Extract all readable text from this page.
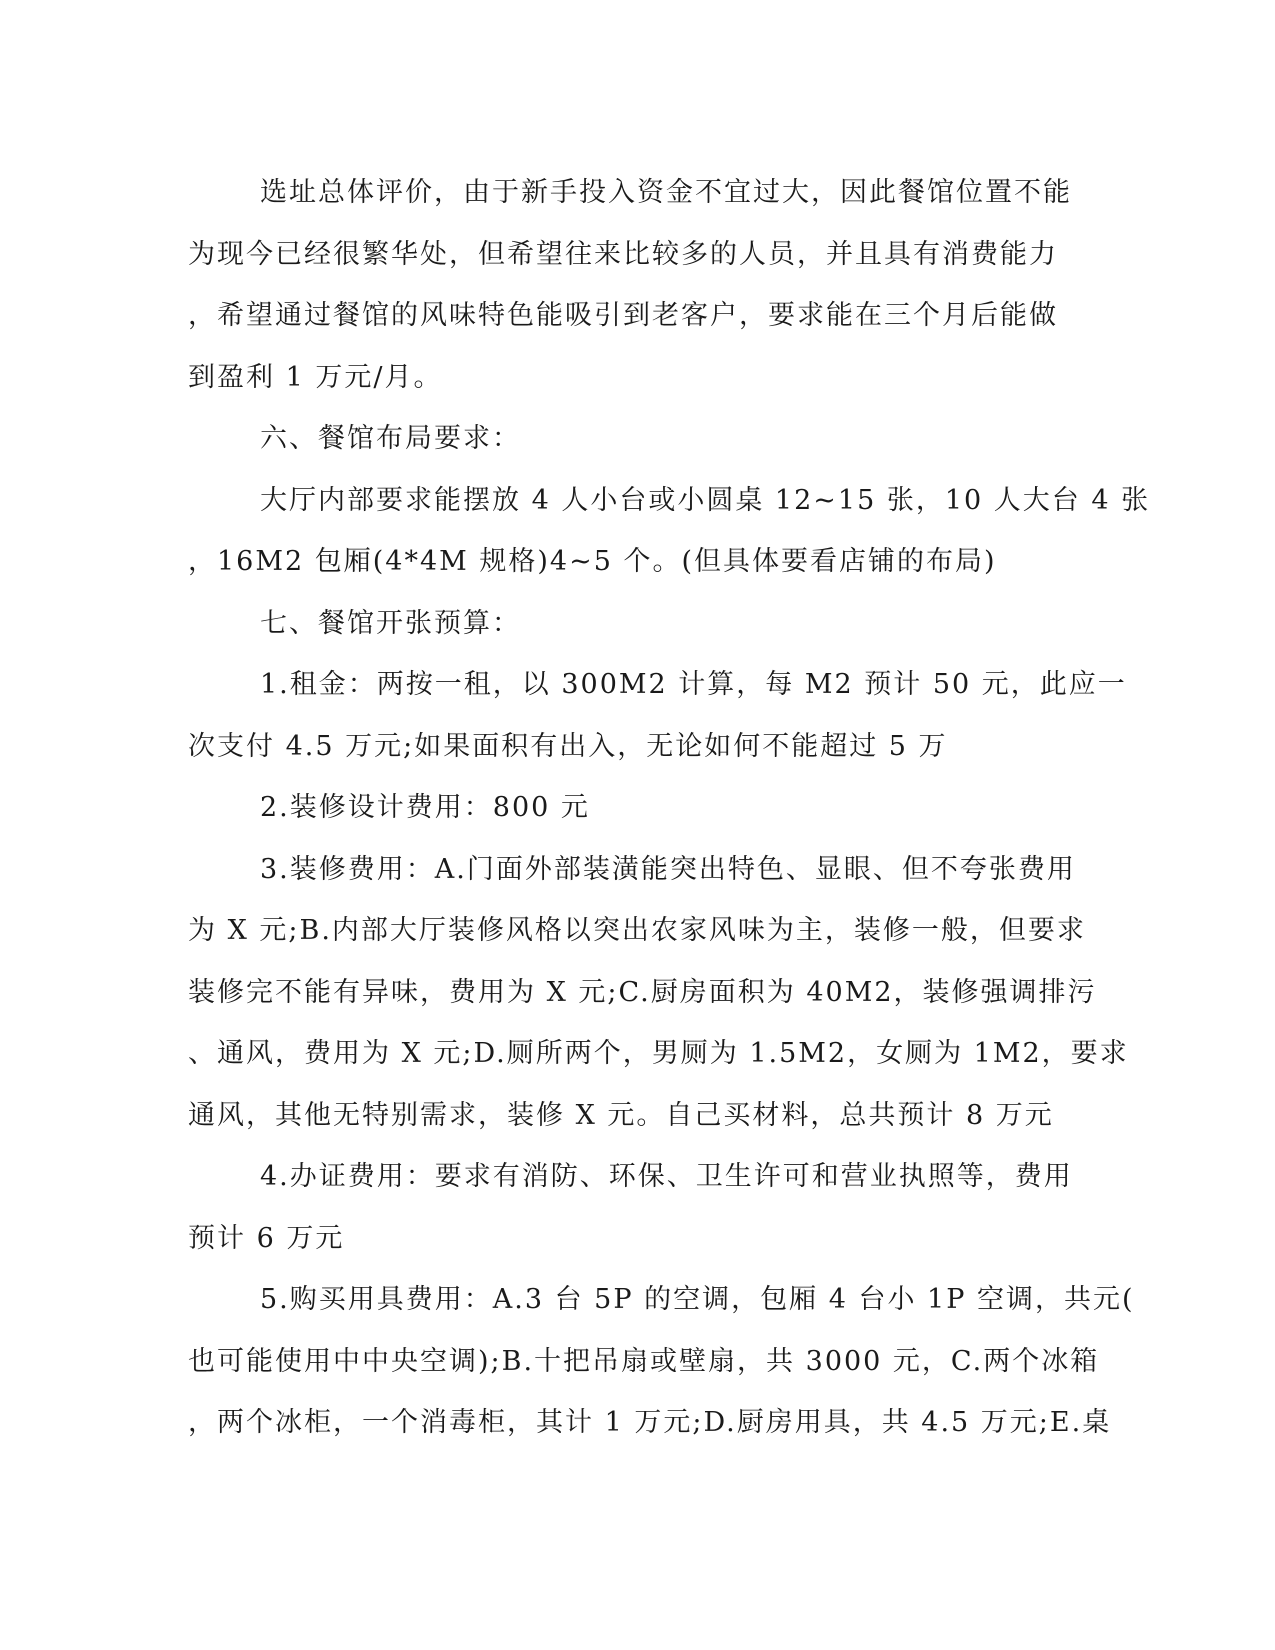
选址总体评价，由于新手投入资金不宜过大，因此餐馆位置不能
为现今已经很繁华处，但希望往来比较多的人员，并且具有消费能力
，希望通过餐馆的风味特色能吸引到老客户，要求能在三个月后能做
到盈利 1 万元/月。
六、餐馆布局要求：
大厅内部要求能摆放 4 人小台或小圆桌 12~15 张，10 人大台 4 张
，16M2 包厢(4*4M 规格)4~5 个。(但具体要看店铺的布局)
七、餐馆开张预算：
1.租金：两按一租，以 300M2 计算，每 M2 预计 50 元，此应一
次支付 4.5 万元;如果面积有出入，无论如何不能超过 5 万
2.装修设计费用：800 元
3.装修费用：A.门面外部装潢能突出特色、显眼、但不夸张费用
为 X 元;B.内部大厅装修风格以突出农家风味为主，装修一般，但要求
装修完不能有异味，费用为 X 元;C.厨房面积为 40M2，装修强调排污
、通风，费用为 X 元;D.厕所两个，男厕为 1.5M2，女厕为 1M2，要求
通风，其他无特别需求，装修 X 元。自己买材料，总共预计 8 万元
4.办证费用：要求有消防、环保、卫生许可和营业执照等，费用
预计 6 万元
5.购买用具费用：A.3 台 5P 的空调，包厢 4 台小 1P 空调，共元(
也可能使用中中央空调);B.十把吊扇或壁扇，共 3000 元，C.两个冰箱
，两个冰柜，一个消毒柜，其计 1 万元;D.厨房用具，共 4.5 万元;E.桌
